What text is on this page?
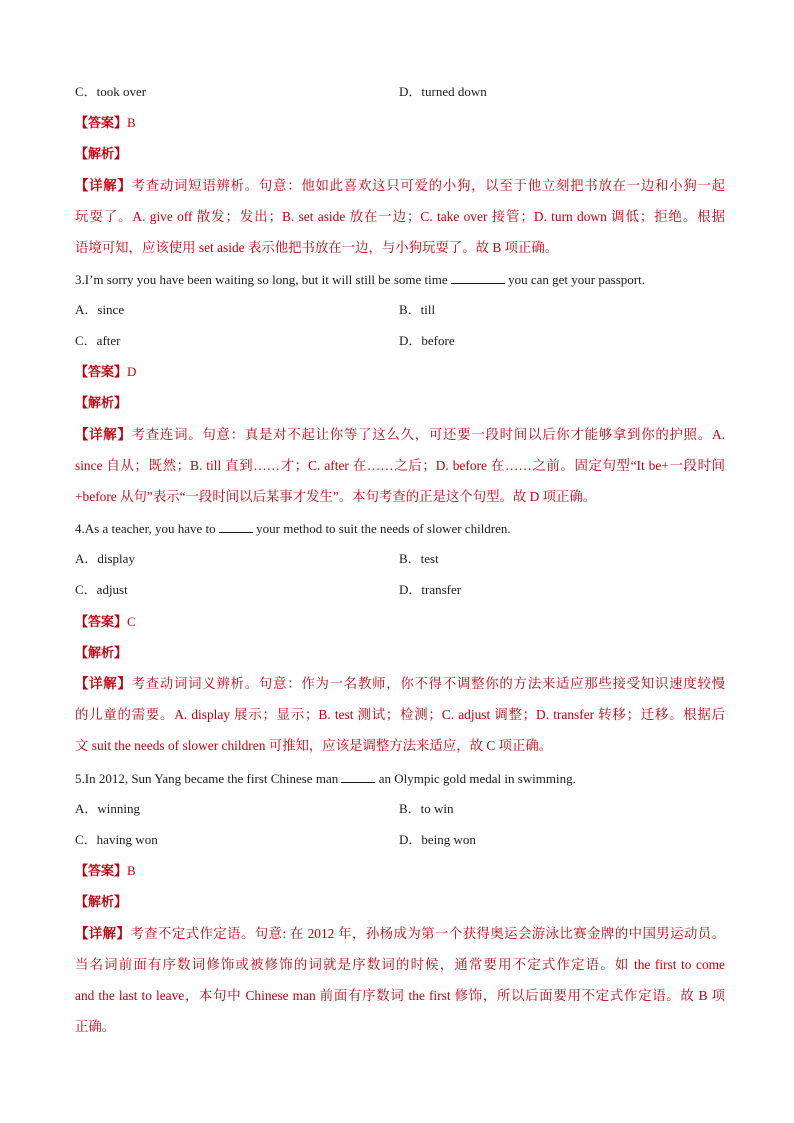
C．took over	D．turned down
【答案】B
【解析】
【详解】考查动词短语辨析。句意：他如此喜欢这只可爱的小狗，以至于他立刻把书放在一边和小狗一起
玩耍了。A. give off 散发；发出；B. set aside 放在一边；C. take over 接管；D. turn down 调低；拒绝。根据
语境可知，应该使用 set aside 表示他把书放在一边，与小狗玩耍了。故 B 项正确。
3.I’m sorry you have been waiting so long, but it will still be some time	you can get your passport.
A．since	B．till
C．after	D．before
【答案】D
【解析】
【详解】考查连词。句意：真是对不起让你等了这么久，可还要一段时间以后你才能够拿到你的护照。A.
since 自从；既然；B. till 直到……才；C. after 在……之后；D. before 在……之前。固定句型“It be+一段时间
+before 从句”表示“一段时间以后某事才发生”。本句考查的正是这个句型。故 D 项正确。
4.As a teacher, you have to	your method to suit the needs of slower children.
A．display	B．test
C．adjust	D．transfer
【答案】C
【解析】
【详解】考查动词词义辨析。句意：作为一名教师，你不得不调整你的方法来适应那些接受知识速度较慢
的儿童的需要。A. display 展示；显示；B. test 测试；检测；C. adjust 调整；D. transfer 转移；迁移。根据后
文 suit the needs of slower children 可推知，应该是调整方法来适应，故 C 项正确。
5.In 2012, Sun Yang became the first Chinese man	an Olympic gold medal in swimming.
A．winning	B．to win
C．having won	D．being won
【答案】B
【解析】
【详解】考查不定式作定语。句意: 在 2012 年，孙杨成为第一个获得奥运会游泳比赛金牌的中国男运动员。
当名词前面有序数词修饰或被修饰的词就是序数词的时候，通常要用不定式作定语。如 the first to come
and the last to leave，本句中 Chinese man 前面有序数词 the first 修饰，所以后面要用不定式作定语。故 B 项
正确。
